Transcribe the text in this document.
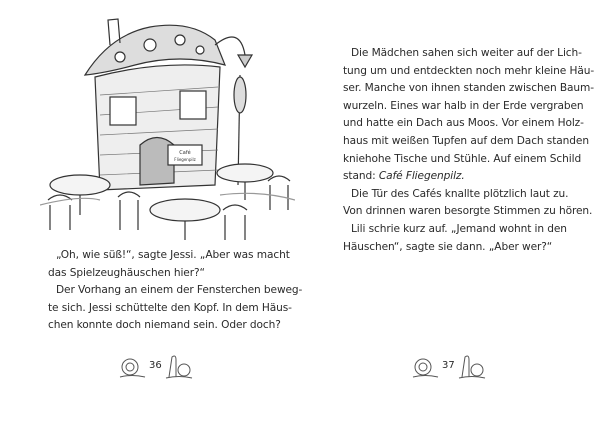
Café
Fliegenpilz
„Oh, wie süß!“, sagte Jessi. „Aber was macht
das Spielzeughäuschen hier?“
Der Vorhang an einem der Fensterchen beweg-
te sich. Jessi schüttelte den Kopf. In dem Häus-
chen konnte doch niemand sein. Oder doch?
36
Die Mädchen sahen sich weiter auf der Lich-
tung um und entdeckten noch mehr kleine Häu-
ser. Manche von ihnen standen zwischen Baum-
wurzeln. Eines war halb in der Erde vergraben
und hatte ein Dach aus Moos. Vor einem Holz-
haus mit weißen Tupfen auf dem Dach standen
kniehohe Tische und Stühle. Auf einem Schild
stand: Café Fliegenpilz.
Die Tür des Cafés knallte plötzlich laut zu.
Von drinnen waren besorgte Stimmen zu hören.
Lili schrie kurz auf. „Jemand wohnt in den
Häuschen“, sagte sie dann. „Aber wer?“
37
